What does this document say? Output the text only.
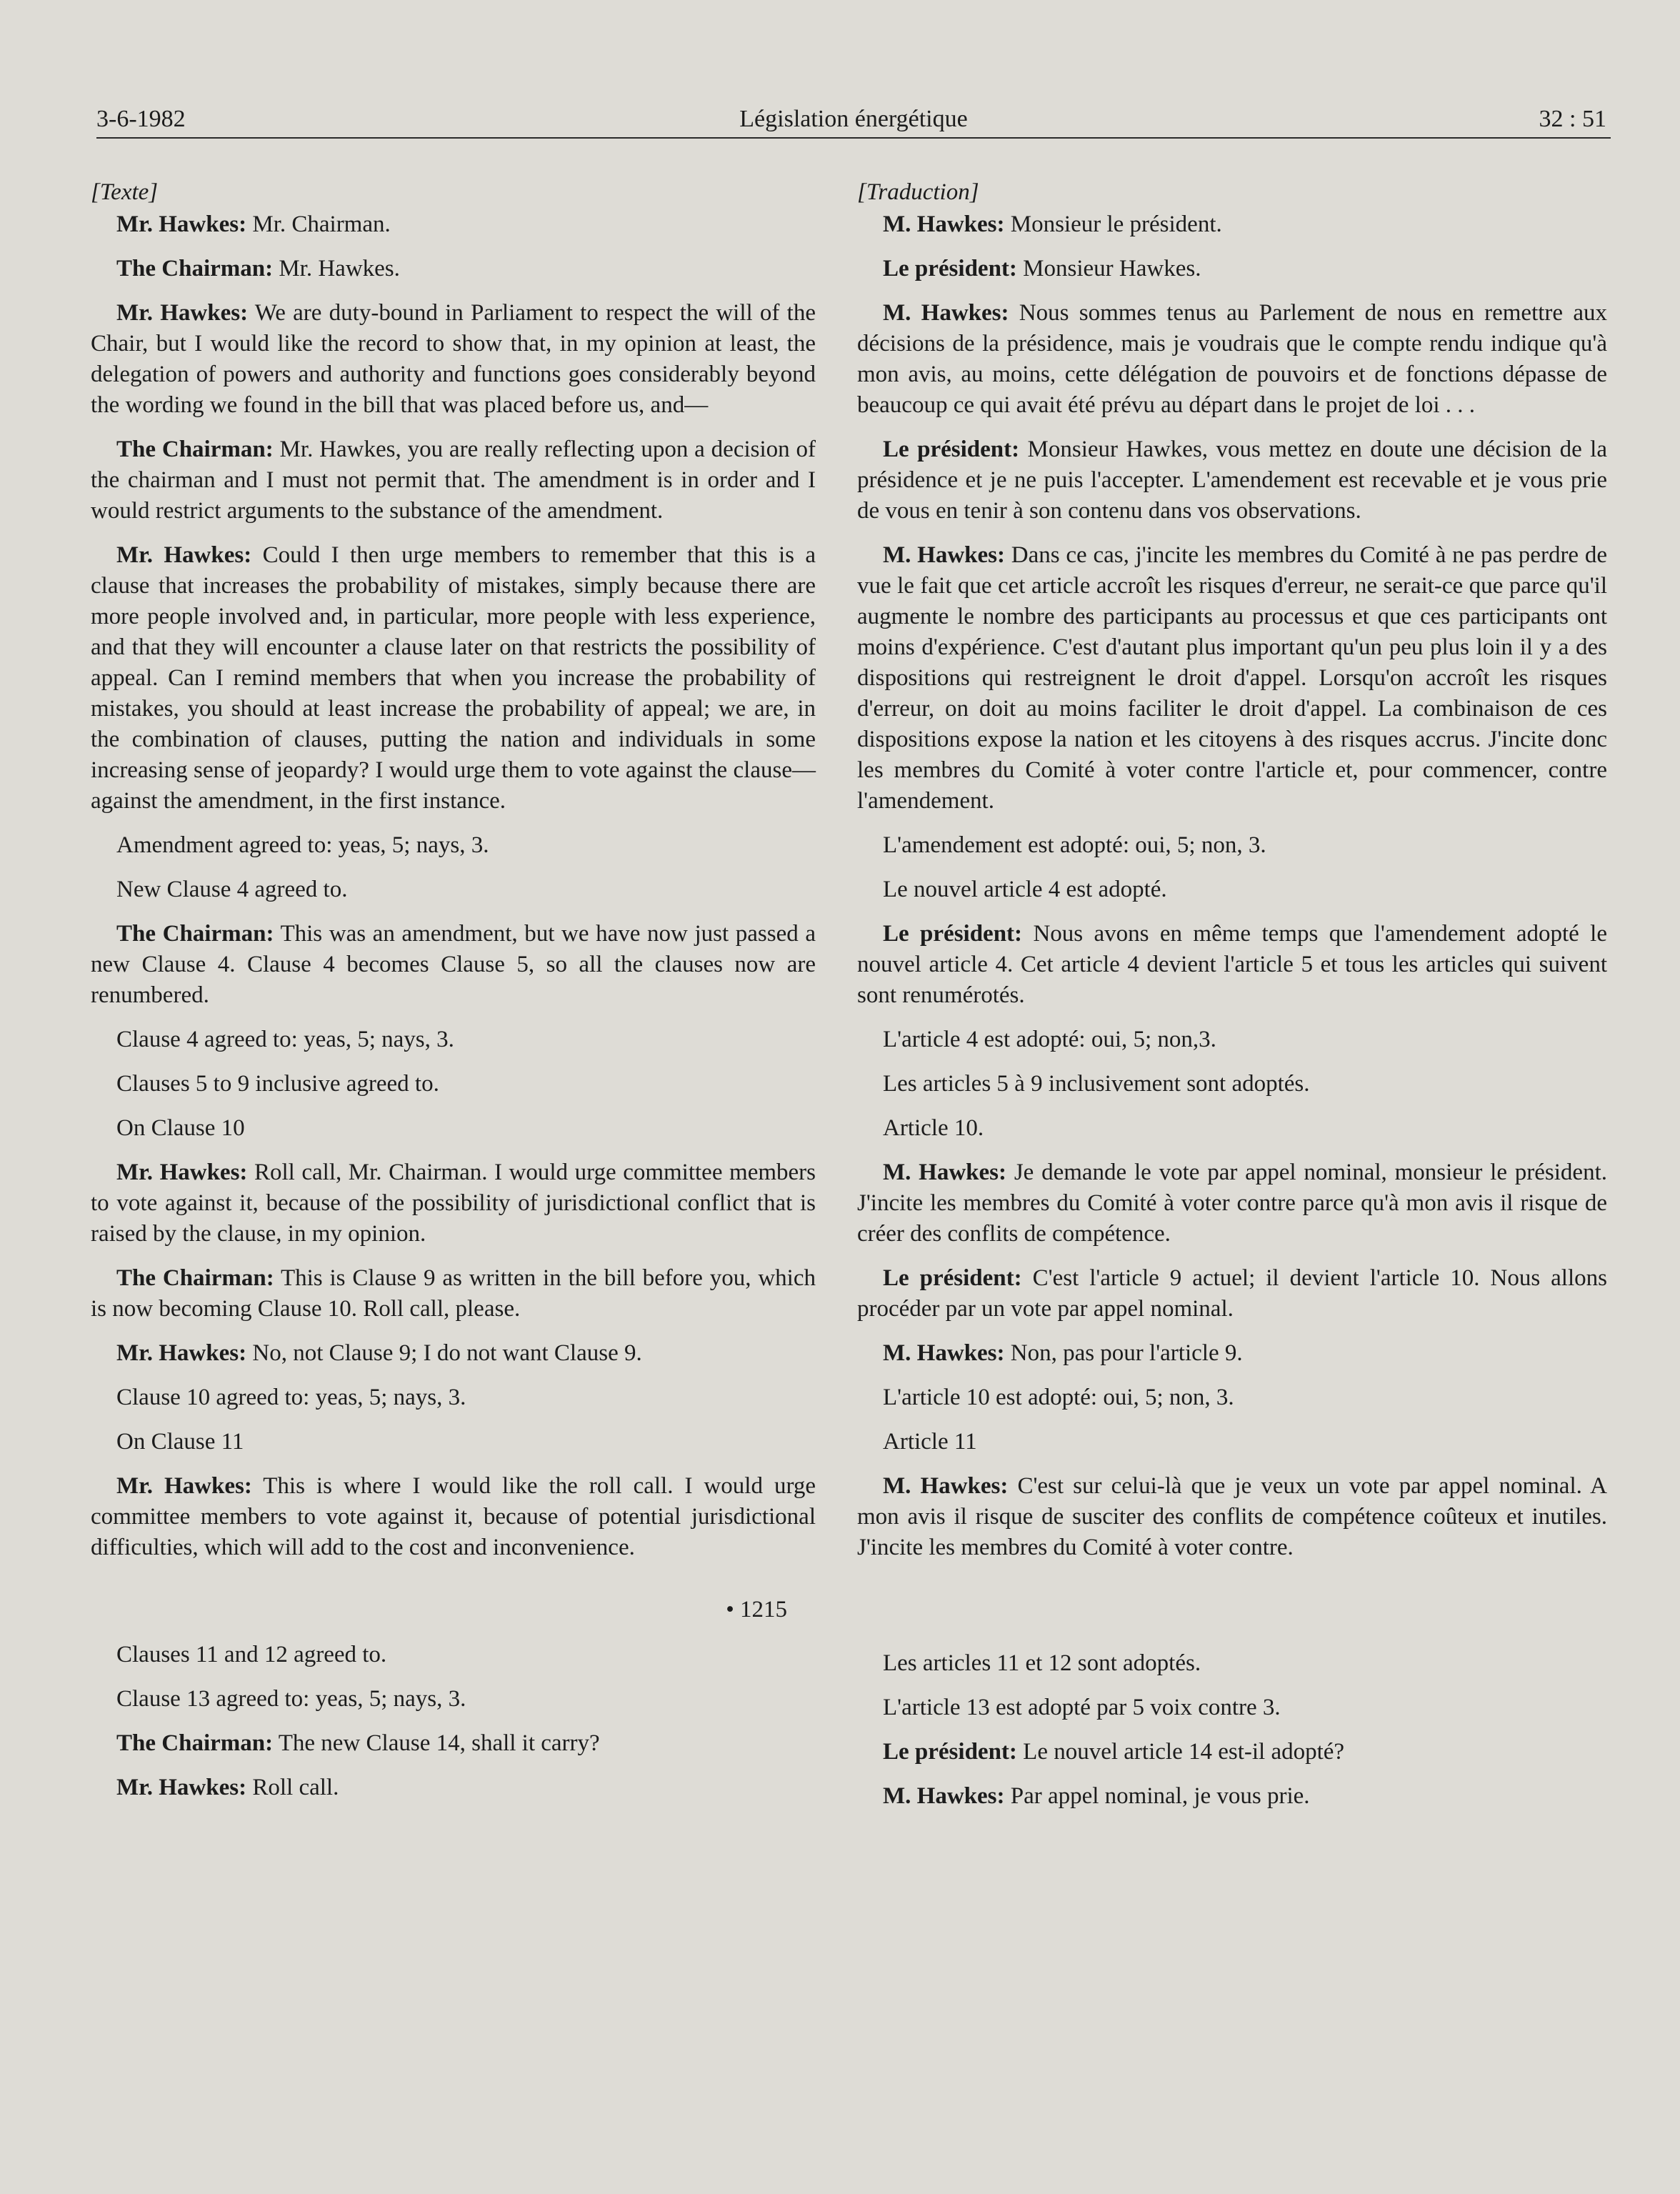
3-6-1982	Législation énergétique	32 : 51

[Texte]

Mr. Hawkes: Mr. Chairman.

The Chairman: Mr. Hawkes.

Mr. Hawkes: We are duty-bound in Parliament to respect the will of the Chair, but I would like the record to show that, in my opinion at least, the delegation of powers and authority and functions goes considerably beyond the wording we found in the bill that was placed before us, and—

The Chairman: Mr. Hawkes, you are really reflecting upon a decision of the chairman and I must not permit that. The amendment is in order and I would restrict arguments to the substance of the amendment.

Mr. Hawkes: Could I then urge members to remember that this is a clause that increases the probability of mistakes, simply because there are more people involved and, in particular, more people with less experience, and that they will encounter a clause later on that restricts the possibility of appeal. Can I remind members that when you increase the probability of mistakes, you should at least increase the probability of appeal; we are, in the combination of clauses, putting the nation and individuals in some increasing sense of jeopardy? I would urge them to vote against the clause—against the amendment, in the first instance.

Amendment agreed to: yeas, 5; nays, 3.

New Clause 4 agreed to.

The Chairman: This was an amendment, but we have now just passed a new Clause 4. Clause 4 becomes Clause 5, so all the clauses now are renumbered.

Clause 4 agreed to: yeas, 5; nays, 3.

Clauses 5 to 9 inclusive agreed to.

On Clause 10

Mr. Hawkes: Roll call, Mr. Chairman. I would urge committee members to vote against it, because of the possibility of jurisdictional conflict that is raised by the clause, in my opinion.

The Chairman: This is Clause 9 as written in the bill before you, which is now becoming Clause 10. Roll call, please.

Mr. Hawkes: No, not Clause 9; I do not want Clause 9.

Clause 10 agreed to: yeas, 5; nays, 3.

On Clause 11

Mr. Hawkes: This is where I would like the roll call. I would urge committee members to vote against it, because of potential jurisdictional difficulties, which will add to the cost and inconvenience.

• 1215

Clauses 11 and 12 agreed to.

Clause 13 agreed to: yeas, 5; nays, 3.

The Chairman: The new Clause 14, shall it carry?

Mr. Hawkes: Roll call.

[Traduction]

M. Hawkes: Monsieur le président.

Le président: Monsieur Hawkes.

M. Hawkes: Nous sommes tenus au Parlement de nous en remettre aux décisions de la présidence, mais je voudrais que le compte rendu indique qu'à mon avis, au moins, cette délégation de pouvoirs et de fonctions dépasse de beaucoup ce qui avait été prévu au départ dans le projet de loi . . .

Le président: Monsieur Hawkes, vous mettez en doute une décision de la présidence et je ne puis l'accepter. L'amendement est recevable et je vous prie de vous en tenir à son contenu dans vos observations.

M. Hawkes: Dans ce cas, j'incite les membres du Comité à ne pas perdre de vue le fait que cet article accroît les risques d'erreur, ne serait-ce que parce qu'il augmente le nombre des participants au processus et que ces participants ont moins d'expérience. C'est d'autant plus important qu'un peu plus loin il y a des dispositions qui restreignent le droit d'appel. Lorsqu'on accroît les risques d'erreur, on doit au moins faciliter le droit d'appel. La combinaison de ces dispositions expose la nation et les citoyens à des risques accrus. J'incite donc les membres du Comité à voter contre l'article et, pour commencer, contre l'amendement.

L'amendement est adopté: oui, 5; non, 3.

Le nouvel article 4 est adopté.

Le président: Nous avons en même temps que l'amendement adopté le nouvel article 4. Cet article 4 devient l'article 5 et tous les articles qui suivent sont renumérotés.

L'article 4 est adopté: oui, 5; non,3.

Les articles 5 à 9 inclusivement sont adoptés.

Article 10.

M. Hawkes: Je demande le vote par appel nominal, monsieur le président. J'incite les membres du Comité à voter contre parce qu'à mon avis il risque de créer des conflits de compétence.

Le président: C'est l'article 9 actuel; il devient l'article 10. Nous allons procéder par un vote par appel nominal.

M. Hawkes: Non, pas pour l'article 9.

L'article 10 est adopté: oui, 5; non, 3.

Article 11

M. Hawkes: C'est sur celui-là que je veux un vote par appel nominal. A mon avis il risque de susciter des conflits de compétence coûteux et inutiles. J'incite les membres du Comité à voter contre.

Les articles 11 et 12 sont adoptés.

L'article 13 est adopté par 5 voix contre 3.

Le président: Le nouvel article 14 est-il adopté?

M. Hawkes: Par appel nominal, je vous prie.
